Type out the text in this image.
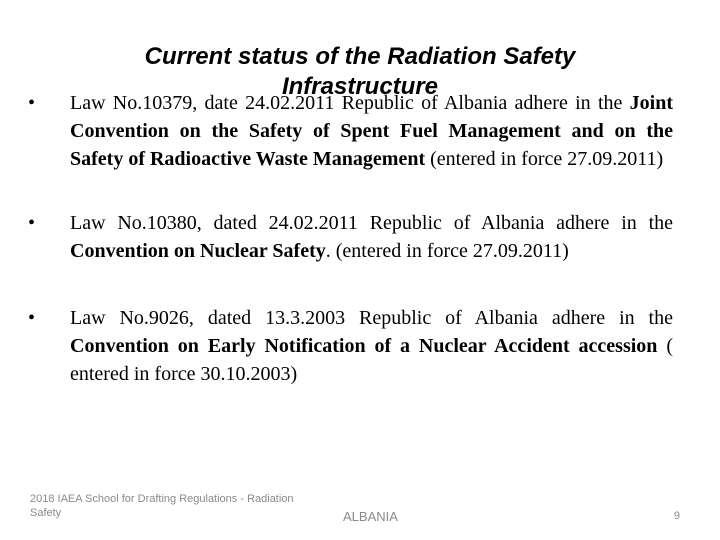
Current status of the Radiation Safety
Infrastructure
• Law No.10379, date 24.02.2011 Republic of Albania adhere in the Joint Convention on the Safety of Spent Fuel Management and on the Safety of Radioactive Waste Management (entered in force 27.09.2011)
• Law No.10380, dated 24.02.2011 Republic of Albania adhere in the Convention on Nuclear Safety. (entered in force 27.09.2011)
• Law No.9026, dated 13.3.2003 Republic of Albania adhere in the Convention on Early Notification of a Nuclear Accident accession ( entered in force 30.10.2003)
2018 IAEA School for Drafting Regulations - Radiation Safety	ALBANIA	9
